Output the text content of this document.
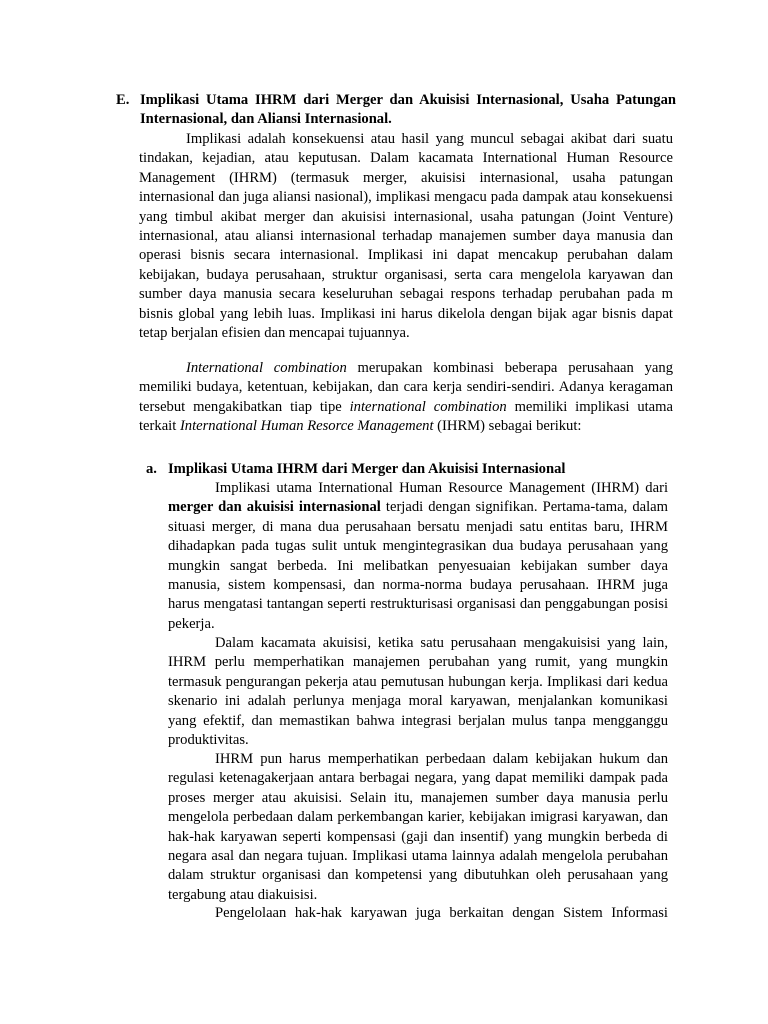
E. Implikasi Utama IHRM dari Merger dan Akuisisi Internasional, Usaha Patungan Internasional, dan Aliansi Internasional.

Implikasi adalah konsekuensi atau hasil yang muncul sebagai akibat dari suatu tindakan, kejadian, atau keputusan. Dalam kacamata International Human Resource Management (IHRM) (termasuk merger, akuisisi internasional, usaha patungan internasional dan juga aliansi nasional), implikasi mengacu pada dampak atau konsekuensi yang timbul akibat merger dan akuisisi internasional, usaha patungan (Joint Venture) internasional, atau aliansi internasional terhadap manajemen sumber daya manusia dan operasi bisnis secara internasional. Implikasi ini dapat mencakup perubahan dalam kebijakan, budaya perusahaan, struktur organisasi, serta cara mengelola karyawan dan sumber daya manusia secara keseluruhan sebagai respons terhadap perubahan pada m bisnis global yang lebih luas. Implikasi ini harus dikelola dengan bijak agar bisnis dapat tetap berjalan efisien dan mencapai tujuannya.

International combination merupakan kombinasi beberapa perusahaan yang memiliki budaya, ketentuan, kebijakan, dan cara kerja sendiri-sendiri. Adanya keragaman tersebut mengakibatkan tiap tipe international combination memiliki implikasi utama terkait International Human Resorce Management (IHRM) sebagai berikut:

a. Implikasi Utama IHRM dari Merger dan Akuisisi Internasional

Implikasi utama International Human Resource Management (IHRM) dari merger dan akuisisi internasional terjadi dengan signifikan. Pertama-tama, dalam situasi merger, di mana dua perusahaan bersatu menjadi satu entitas baru, IHRM dihadapkan pada tugas sulit untuk mengintegrasikan dua budaya perusahaan yang mungkin sangat berbeda. Ini melibatkan penyesuaian kebijakan sumber daya manusia, sistem kompensasi, dan norma-norma budaya perusahaan. IHRM juga harus mengatasi tantangan seperti restrukturisasi organisasi dan penggabungan posisi pekerja.

Dalam kacamata akuisisi, ketika satu perusahaan mengakuisisi yang lain, IHRM perlu memperhatikan manajemen perubahan yang rumit, yang mungkin termasuk pengurangan pekerja atau pemutusan hubungan kerja. Implikasi dari kedua skenario ini adalah perlunya menjaga moral karyawan, menjalankan komunikasi yang efektif, dan memastikan bahwa integrasi berjalan mulus tanpa mengganggu produktivitas.

IHRM pun harus memperhatikan perbedaan dalam kebijakan hukum dan regulasi ketenagakerjaan antara berbagai negara, yang dapat memiliki dampak pada proses merger atau akuisisi. Selain itu, manajemen sumber daya manusia perlu mengelola perbedaan dalam perkembangan karier, kebijakan imigrasi karyawan, dan hak-hak karyawan seperti kompensasi (gaji dan insentif) yang mungkin berbeda di negara asal dan negara tujuan. Implikasi utama lainnya adalah mengelola perubahan dalam struktur organisasi dan kompetensi yang dibutuhkan oleh perusahaan yang tergabung atau diakuisisi.

Pengelolaan hak-hak karyawan juga berkaitan dengan Sistem Informasi
